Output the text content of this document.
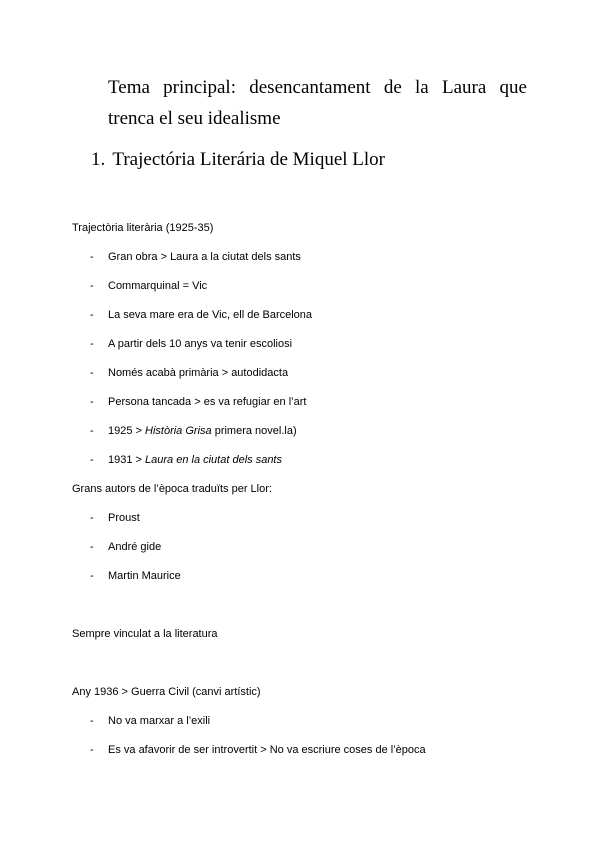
Tema principal: desencantament de la Laura que trenca el seu idealisme
1. Trajectória Literária de Miquel Llor
Trajectòria literària (1925-35)
- Gran obra > Laura a la ciutat dels sants
- Commarquinal = Vic
- La seva mare era de Vic, ell de Barcelona
- A partir dels 10 anys va tenir escoliosi
- Només acabà primària > autodidacta
- Persona tancada > es va refugiar en l’art
- 1925 > Història Grisa primera novel.la)
- 1931 > Laura en la ciutat dels sants
Grans autors de l’època traduïts per Llor:
- Proust
- André gide
- Martin Maurice
Sempre vinculat a la literatura
Any 1936 > Guerra Civil (canvi artístic)
- No va marxar a l’exili
- Es va afavorir de ser introvertit > No va escriure coses de l’època
